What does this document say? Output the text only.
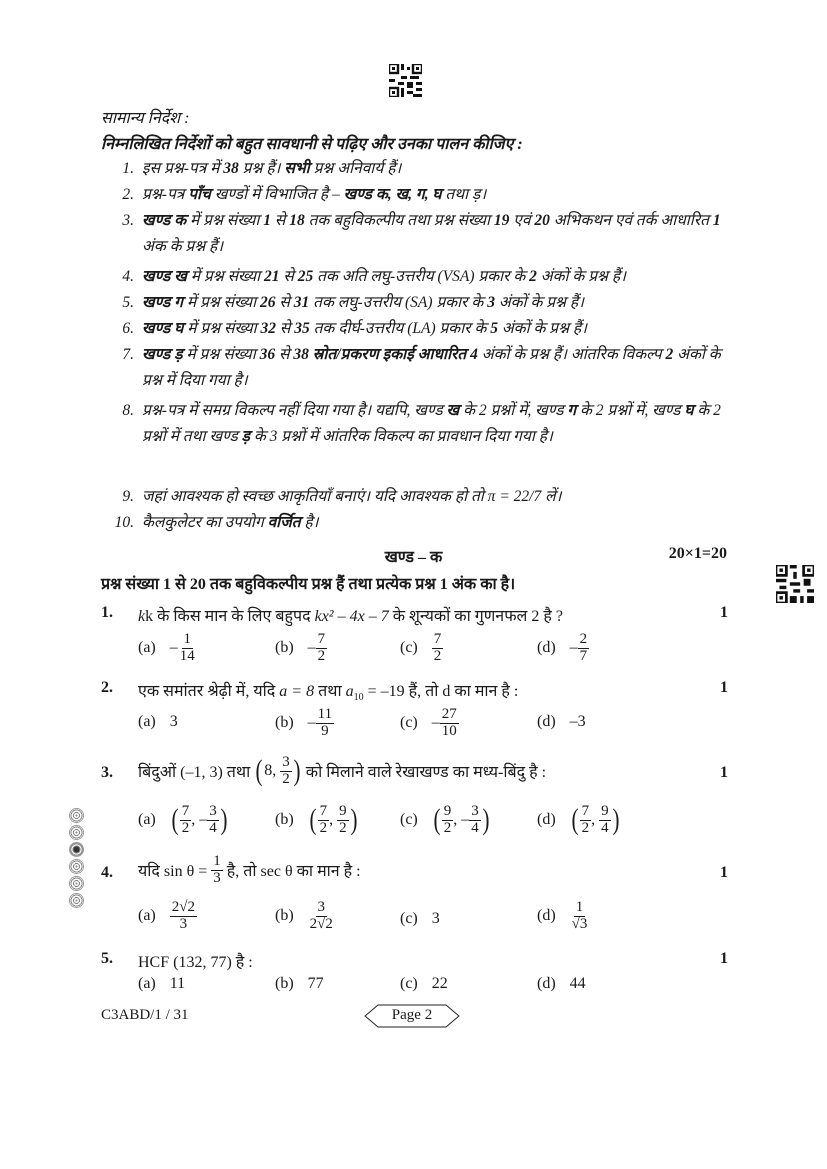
सामान्य निर्देश :
निम्नलिखित निर्देशों को बहुत सावधानी से पढ़िए और उनका पालन कीजिए :
1. इस प्रश्न-पत्र में 38 प्रश्न हैं। सभी प्रश्न अनिवार्य हैं।
2. प्रश्न-पत्र पाँच खण्डों में विभाजित है – खण्ड क, ख, ग, घ तथा ड़।
3. खण्ड क में प्रश्न संख्या 1 से 18 तक बहुविकल्पीय तथा प्रश्न संख्या 19 एवं 20 अभिकथन एवं तर्क आधारित 1 अंक के प्रश्न हैं।
4. खण्ड ख में प्रश्न संख्या 21 से 25 तक अति लघु-उत्तरीय (VSA) प्रकार के 2 अंकों के प्रश्न हैं।
5. खण्ड ग में प्रश्न संख्या 26 से 31 तक लघु-उत्तरीय (SA) प्रकार के 3 अंकों के प्रश्न हैं।
6. खण्ड घ में प्रश्न संख्या 32 से 35 तक दीर्घ-उत्तरीय (LA) प्रकार के 5 अंकों के प्रश्न हैं।
7. खण्ड ड़ में प्रश्न संख्या 36 से 38 स्रोत/प्रकरण इकाई आधारित 4 अंकों के प्रश्न हैं। आंतरिक विकल्प 2 अंकों के प्रश्न में दिया गया है।
8. प्रश्न-पत्र में समग्र विकल्प नहीं दिया गया है। यद्यपि, खण्ड ख के 2 प्रश्नों में, खण्ड ग के 2 प्रश्नों में, खण्ड घ के 2 प्रश्नों में तथा खण्ड ड़ के 3 प्रश्नों में आंतरिक विकल्प का प्रावधान दिया गया है।
9. जहां आवश्यक हो स्वच्छ आकृतियाँ बनाएं। यदि आवश्यक हो तो π = 22/7 लें।
10. कैलकुलेटर का उपयोग वर्जित है।
खण्ड – क	20×1=20
प्रश्न संख्या 1 से 20 तक बहुविकल्पीय प्रश्न हैं तथा प्रत्येक प्रश्न 1 अंक का है।
1. kk के किस मान के लिए बहुपद kx² – 4x – 7 के शून्यकों का गुणनफल 2 है ?	1
$(a) - \frac{1}{14}$	$(b) - \frac{7}{2}$	$(c) \frac{7}{2}$	$(d) - \frac{2}{7}$
2. एक समांतर श्रेढ़ी में, यदि a = 8 तथा $a_{10} = -19$ हैं, तो d का मान है :	1
(a) 3	$(b) - \frac{11}{9}$	$(c) - \frac{27}{10}$	(d) –3
3. बिंदुओं (–1, 3) तथा ( 8,
$\frac{3}{2}$ ) को मिलाने वाले रेखाखण्ड का मध्य-बिंदु है :	1
(a) ( $\frac{7}{2}$ , – $\frac{3}{4}$ )	(b) ( $\frac{7}{2}$ , $\frac{9}{2}$ )	(c) ( $\frac{9}{2}$ , – $\frac{3}{4}$ )	(d) ( $\frac{7}{2}$ , $\frac{9}{4}$ )
4. यदि $\sin \theta = \frac{1}{3}$ है, तो sec θ का मान है :	1
$(a) \frac{2√2}{3}$	$(b) \frac{3}{2√2}$	(c) 3	$(d) \frac{1}{√3}$
5. HCF (132, 77) है :	1
(a) 11	(b) 77	(c) 22	(d) 44
C3ABD/1 / 31	Page 2
